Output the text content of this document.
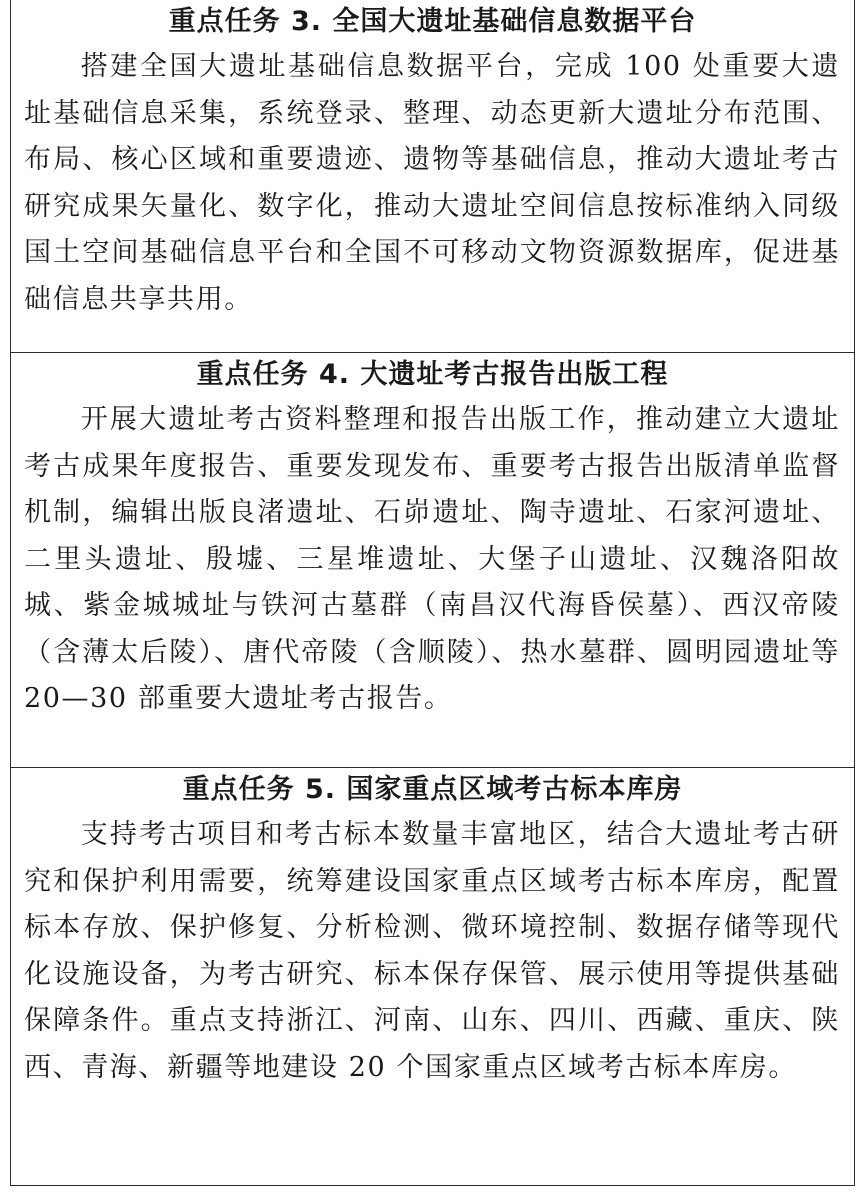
重点任务 3. 全国大遗址基础信息数据平台

搭建全国大遗址基础信息数据平台，完成 100 处重要大遗址基础信息采集，系统登录、整理、动态更新大遗址分布范围、布局、核心区域和重要遗迹、遗物等基础信息，推动大遗址考古研究成果矢量化、数字化，推动大遗址空间信息按标准纳入同级国土空间基础信息平台和全国不可移动文物资源数据库，促进基础信息共享共用。

重点任务 4. 大遗址考古报告出版工程

开展大遗址考古资料整理和报告出版工作，推动建立大遗址考古成果年度报告、重要发现发布、重要考古报告出版清单监督机制，编辑出版良渚遗址、石峁遗址、陶寺遗址、石家河遗址、二里头遗址、殷墟、三星堆遗址、大堡子山遗址、汉魏洛阳故城、紫金城城址与铁河古墓群（南昌汉代海昏侯墓）、西汉帝陵（含薄太后陵）、唐代帝陵（含顺陵）、热水墓群、圆明园遗址等 20—30 部重要大遗址考古报告。

重点任务 5. 国家重点区域考古标本库房

支持考古项目和考古标本数量丰富地区，结合大遗址考古研究和保护利用需要，统筹建设国家重点区域考古标本库房，配置标本存放、保护修复、分析检测、微环境控制、数据存储等现代化设施设备，为考古研究、标本保存保管、展示使用等提供基础保障条件。重点支持浙江、河南、山东、四川、西藏、重庆、陕西、青海、新疆等地建设 20 个国家重点区域考古标本库房。
